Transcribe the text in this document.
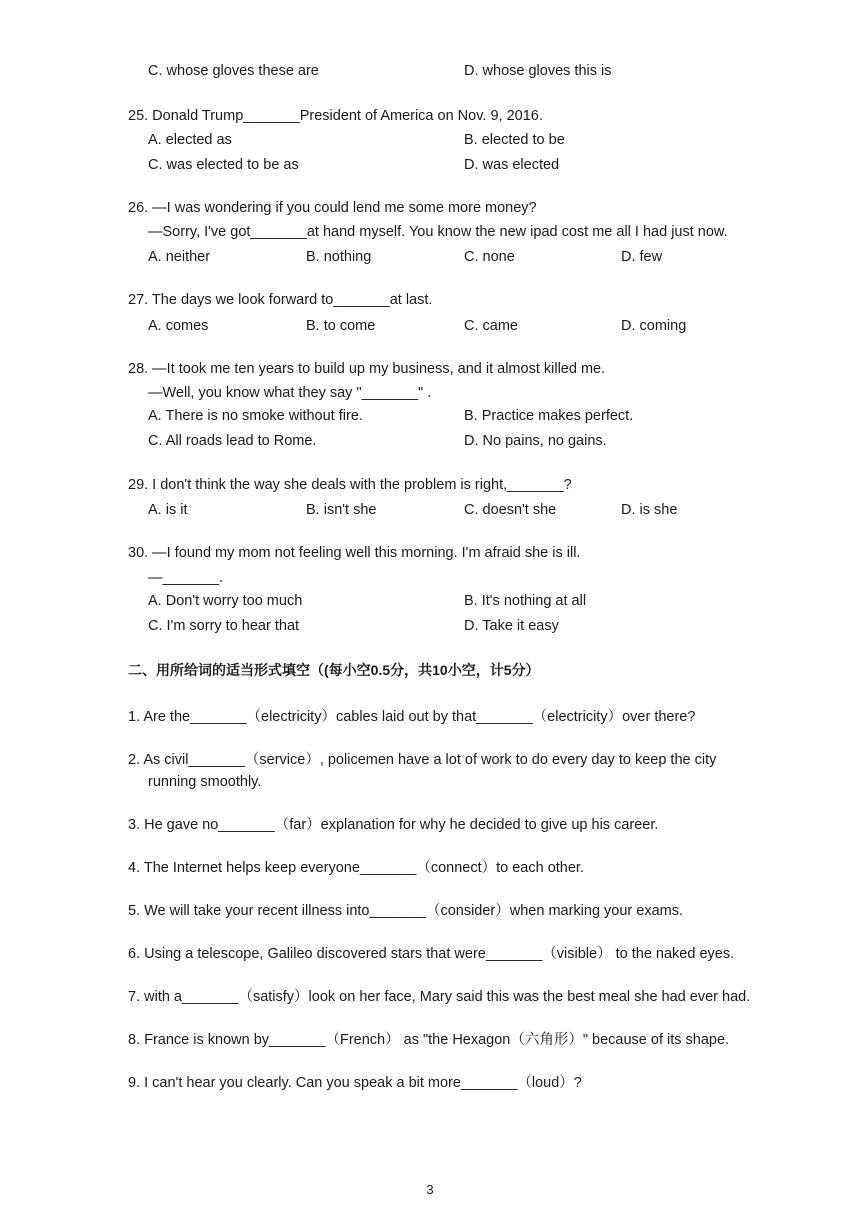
C. whose gloves these are	D. whose gloves this is
25. Donald Trump_______President of America on Nov. 9, 2016.
A. elected as	B. elected to be
C. was elected to be as	D. was elected
26. —I was wondering if you could lend me some more money?
—Sorry, I've got_______at hand myself. You know the new ipad cost me all I had just now.
A. neither	B. nothing	C. none	D. few
27. The days we look forward to_______at last.
A. comes	B. to come	C. came	D. coming
28. —It took me ten years to build up my business, and it almost killed me.
—Well, you know what they say "_______" .
A. There is no smoke without fire.	B. Practice makes perfect.
C. All roads lead to Rome.	D. No pains, no gains.
29. I don't think the way she deals with the problem is right,_______?
A. is it	B. isn't she	C. doesn't she	D. is she
30. —I found my mom not feeling well this morning. I'm afraid she is ill.
—_______.
A. Don't worry too much	B. It's nothing at all
C. I'm sorry to hear that	D. Take it easy
二、用所给词的适当形式填空（(每小空0.5分，共10小空，计5分）
1. Are the_______（electricity）cables laid out by that_______（electricity）over there?
2. As civil_______（service）, policemen have a lot of work to do every day to keep the city
running smoothly.
3. He gave no_______（far）explanation for why he decided to give up his career.
4. The Internet helps keep everyone_______（connect）to each other.
5. We will take your recent illness into_______（consider）when marking your exams.
6. Using a telescope, Galileo discovered stars that were_______（visible） to the naked eyes.
7. with a_______（satisfy）look on her face, Mary said this was the best meal she had ever had.
8. France is known by_______（French） as "the Hexagon（六角形）" because of its shape.
9. I can't hear you clearly. Can you speak a bit more_______（loud）?
3
